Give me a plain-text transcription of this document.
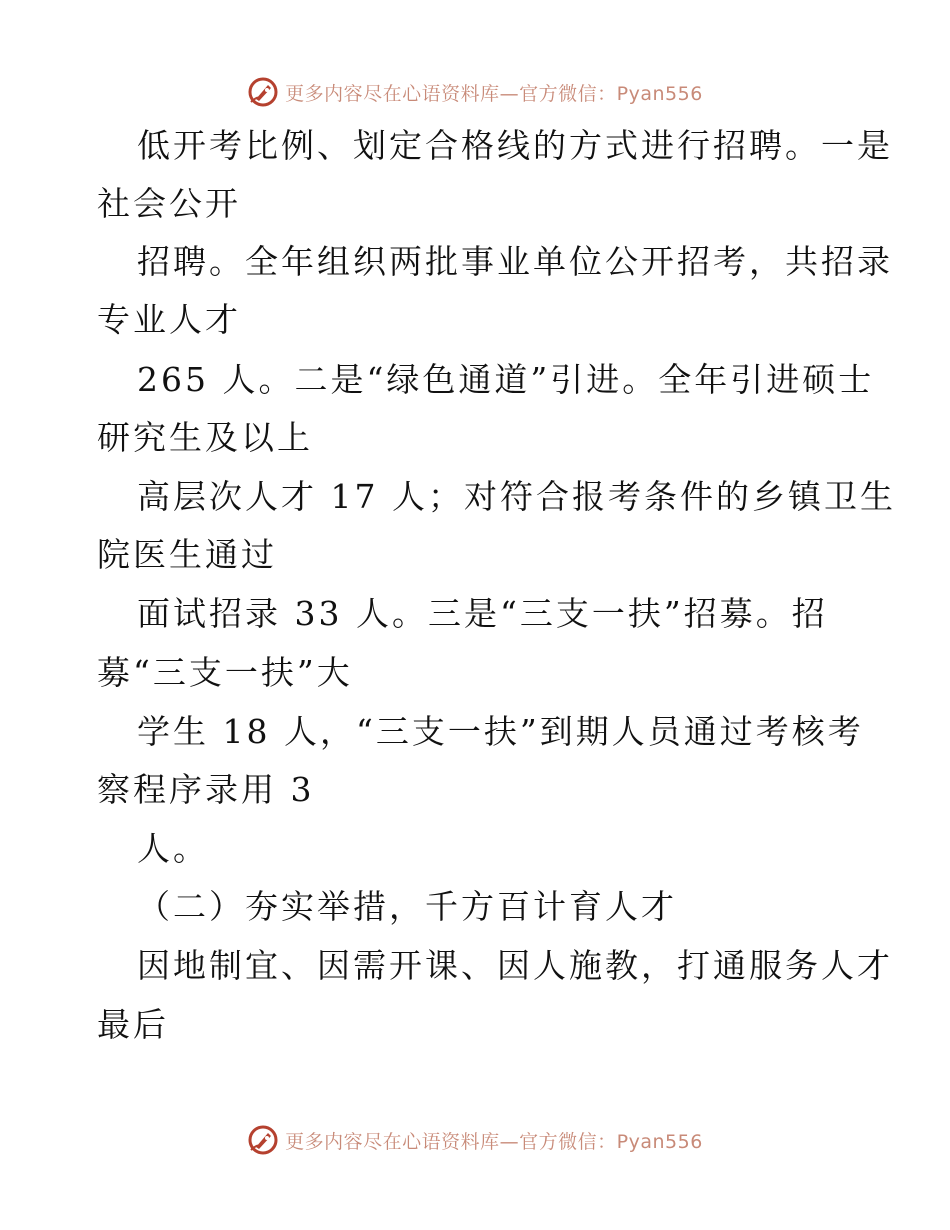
更多内容尽在心语资料库—官方微信：Pyan556
低开考比例、划定合格线的方式进行招聘。一是
社会公开
招聘。全年组织两批事业单位公开招考，共招录
专业人才
265 人。二是“绿色通道”引进。全年引进硕士
研究生及以上
高层次人才 17 人；对符合报考条件的乡镇卫生
院医生通过
面试招录 33 人。三是“三支一扶”招募。招
募“三支一扶”大
学生 18 人，“三支一扶”到期人员通过考核考
察程序录用 3
人。
（二）夯实举措，千方百计育人才
因地制宜、因需开课、因人施教，打通服务人才
最后
更多内容尽在心语资料库—官方微信：Pyan556
